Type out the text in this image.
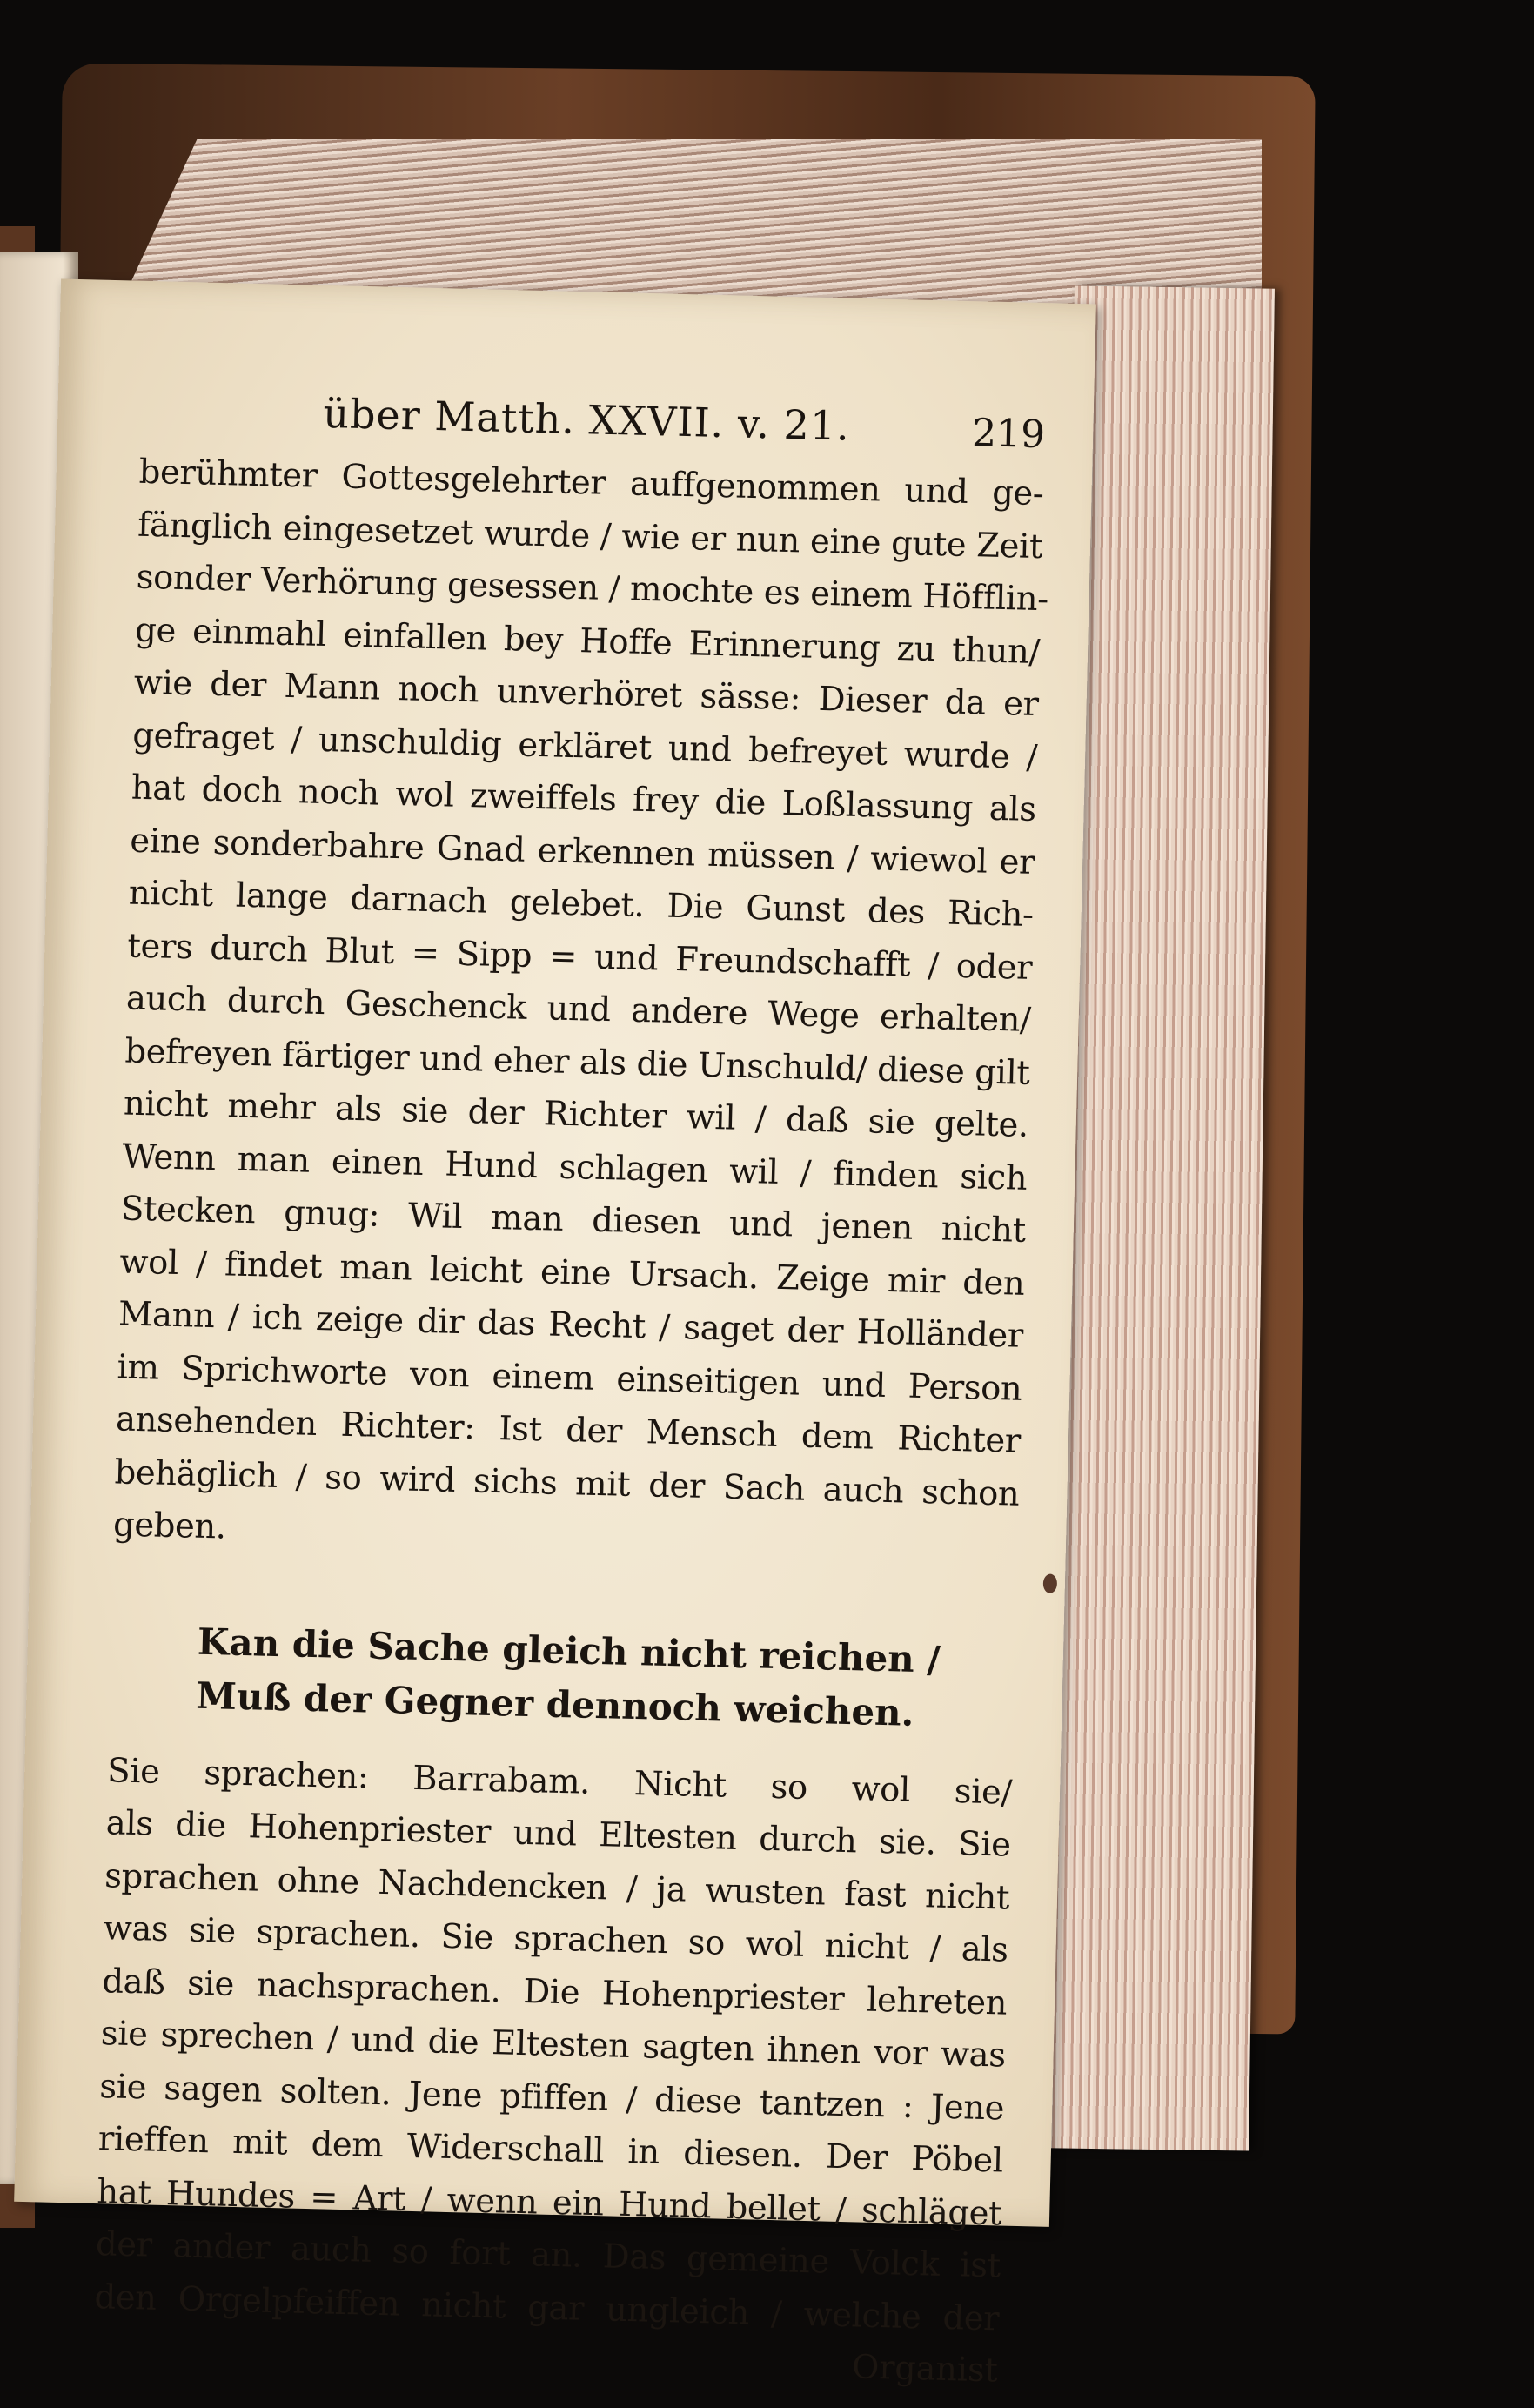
über Matth. XXVII. v. 21.	219

berühmter Gottesgelehrter auffgenommen und ge-
fänglich eingesetzet wurde / wie er nun eine gute Zeit
sonder Verhörung gesessen / mochte es einem Höfflin-
ge einmahl einfallen bey Hoffe Erinnerung zu thun/
wie der Mann noch unverhöret sässe: Dieser da er
gefraget / unschuldig erkläret und befreyet wurde /
hat doch noch wol zweiffels frey die Loßlassung als
eine sonderbahre Gnad erkennen müssen / wiewol er
nicht lange darnach gelebet. Die Gunst des Rich-
ters durch Blut = Sipp = und Freundschafft / oder
auch durch Geschenck und andere Wege erhalten/
befreyen färtiger und eher als die Unschuld/ diese gilt
nicht mehr als sie der Richter wil / daß sie gelte.
Wenn man einen Hund schlagen wil / finden sich
Stecken gnug: Wil man diesen und jenen nicht
wol / findet man leicht eine Ursach. Zeige mir den
Mann / ich zeige dir das Recht / saget der Holländer
im Sprichworte von einem einseitigen und Person
ansehenden Richter: Ist der Mensch dem Richter
behäglich / so wird sichs mit der Sach auch schon
geben.

Kan die Sache gleich nicht reichen /
Muß der Gegner dennoch weichen.

Sie sprachen: Barrabam. Nicht so wol sie/
als die Hohenpriester und Eltesten durch sie. Sie
sprachen ohne Nachdencken / ja wusten fast nicht
was sie sprachen. Sie sprachen so wol nicht / als
daß sie nachsprachen. Die Hohenpriester lehreten
sie sprechen / und die Eltesten sagten ihnen vor was
sie sagen solten. Jene pfiffen / diese tantzen : Jene
rieffen mit dem Widerschall in diesen. Der Pöbel
hat Hundes = Art / wenn ein Hund bellet / schläget
der ander auch so fort an. Das gemeine Volck ist
den Orgelpfeiffen nicht gar ungleich / welche der

Organist
